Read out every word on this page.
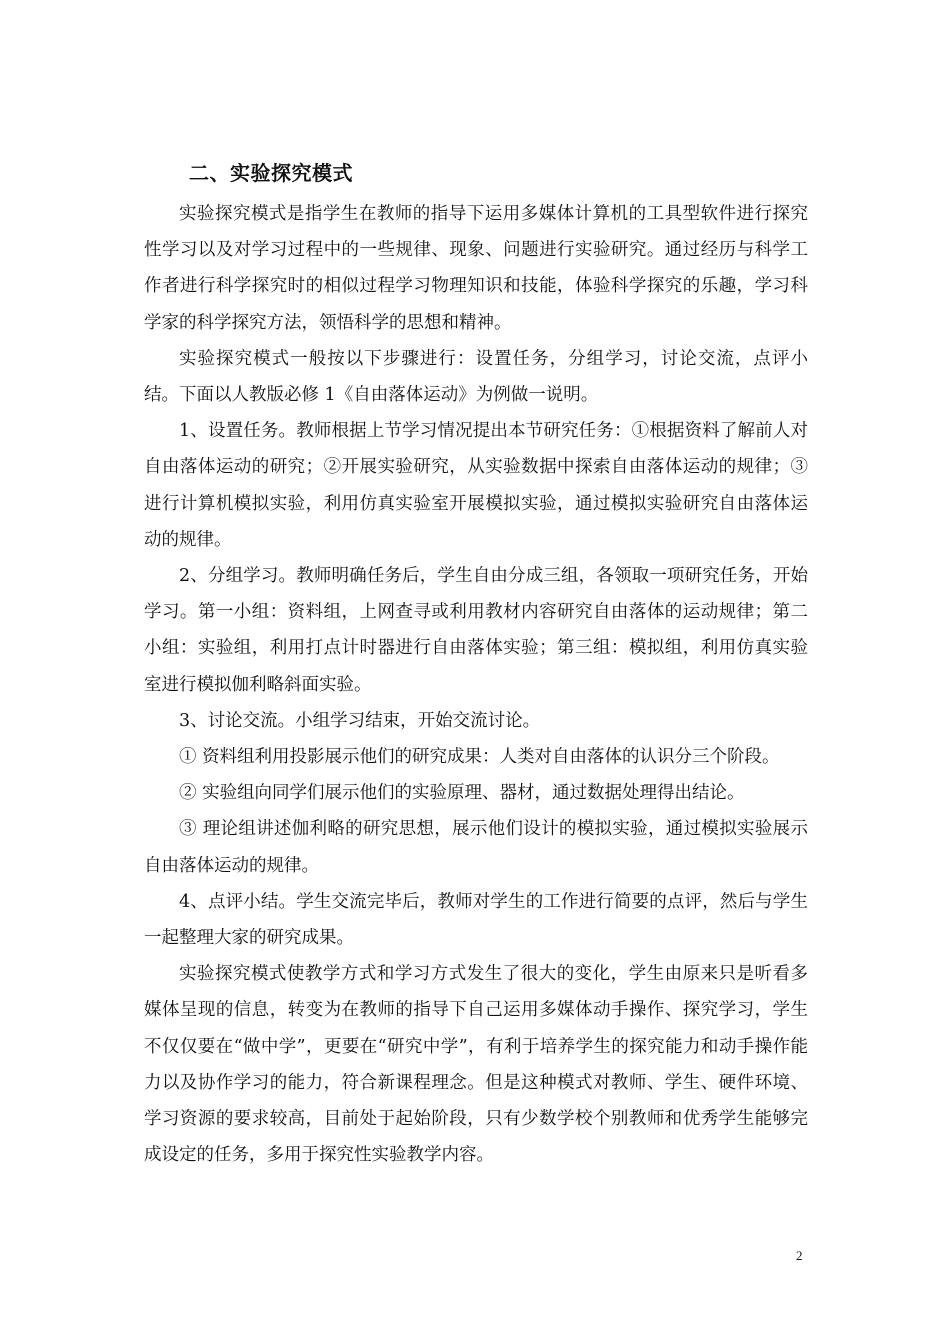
二、实验探究模式

实验探究模式是指学生在教师的指导下运用多媒体计算机的工具型软件进行探究性学习以及对学习过程中的一些规律、现象、问题进行实验研究。通过经历与科学工作者进行科学探究时的相似过程学习物理知识和技能，体验科学探究的乐趣，学习科学家的科学探究方法，领悟科学的思想和精神。

实验探究模式一般按以下步骤进行：设置任务，分组学习，讨论交流，点评小结。下面以人教版必修 1《自由落体运动》为例做一说明。

1、设置任务。教师根据上节学习情况提出本节研究任务：①根据资料了解前人对自由落体运动的研究；②开展实验研究，从实验数据中探索自由落体运动的规律；③进行计算机模拟实验，利用仿真实验室开展模拟实验，通过模拟实验研究自由落体运动的规律。

2、分组学习。教师明确任务后，学生自由分成三组，各领取一项研究任务，开始学习。第一小组：资料组，上网查寻或利用教材内容研究自由落体的运动规律；第二小组：实验组，利用打点计时器进行自由落体实验；第三组：模拟组，利用仿真实验室进行模拟伽利略斜面实验。

3、讨论交流。小组学习结束，开始交流讨论。

① 资料组利用投影展示他们的研究成果：人类对自由落体的认识分三个阶段。

② 实验组向同学们展示他们的实验原理、器材，通过数据处理得出结论。

③ 理论组讲述伽利略的研究思想，展示他们设计的模拟实验，通过模拟实验展示自由落体运动的规律。

4、点评小结。学生交流完毕后，教师对学生的工作进行简要的点评，然后与学生一起整理大家的研究成果。

实验探究模式使教学方式和学习方式发生了很大的变化，学生由原来只是听看多媒体呈现的信息，转变为在教师的指导下自己运用多媒体动手操作、探究学习，学生不仅仅要在“做中学”，更要在“研究中学”，有利于培养学生的探究能力和动手操作能力以及协作学习的能力，符合新课程理念。但是这种模式对教师、学生、硬件环境、学习资源的要求较高，目前处于起始阶段，只有少数学校个别教师和优秀学生能够完成设定的任务，多用于探究性实验教学内容。

2
